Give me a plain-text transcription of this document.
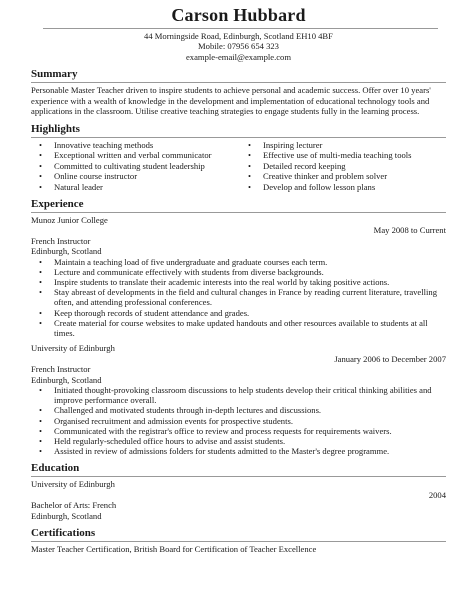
Carson Hubbard
44 Morningside Road, Edinburgh, Scotland EH10 4BF
Mobile: 07956 654 323
example-email@example.com
Summary
Personable Master Teacher driven to inspire students to achieve personal and academic success. Offer over 10 years' experience with a wealth of knowledge in the development and implementation of educational technology tools and applications in the classroom. Utilise creative teaching strategies to engage students fully in the learning process.
Highlights
• Innovative teaching methods
• Exceptional written and verbal communicator
• Committed to cultivating student leadership
• Online course instructor
• Natural leader
• Inspiring lecturer
• Effective use of multi-media teaching tools
• Detailed record keeping
• Creative thinker and problem solver
• Develop and follow lesson plans
Experience
Munoz Junior College
May 2008 to Current
French Instructor
Edinburgh, Scotland
• Maintain a teaching load of five undergraduate and graduate courses each term.
• Lecture and communicate effectively with students from diverse backgrounds.
• Inspire students to translate their academic interests into the real world by taking positive actions.
• Stay abreast of developments in the field and cultural changes in France by reading current literature, travelling often, and attending professional conferences.
• Keep thorough records of student attendance and grades.
• Create material for course websites to make updated handouts and other resources available to students at all times.
University of Edinburgh
January 2006 to December 2007
French Instructor
Edinburgh, Scotland
• Initiated thought-provoking classroom discussions to help students develop their critical thinking abilities and improve performance overall.
• Challenged and motivated students through in-depth lectures and discussions.
• Organised recruitment and admission events for prospective students.
• Communicated with the registrar's office to review and process requests for requirements waivers.
• Held regularly-scheduled office hours to advise and assist students.
• Assisted in review of admissions folders for students admitted to the Master's degree programme.
Education
University of Edinburgh
2004
Bachelor of Arts: French
Edinburgh, Scotland
Certifications
Master Teacher Certification, British Board for Certification of Teacher Excellence
